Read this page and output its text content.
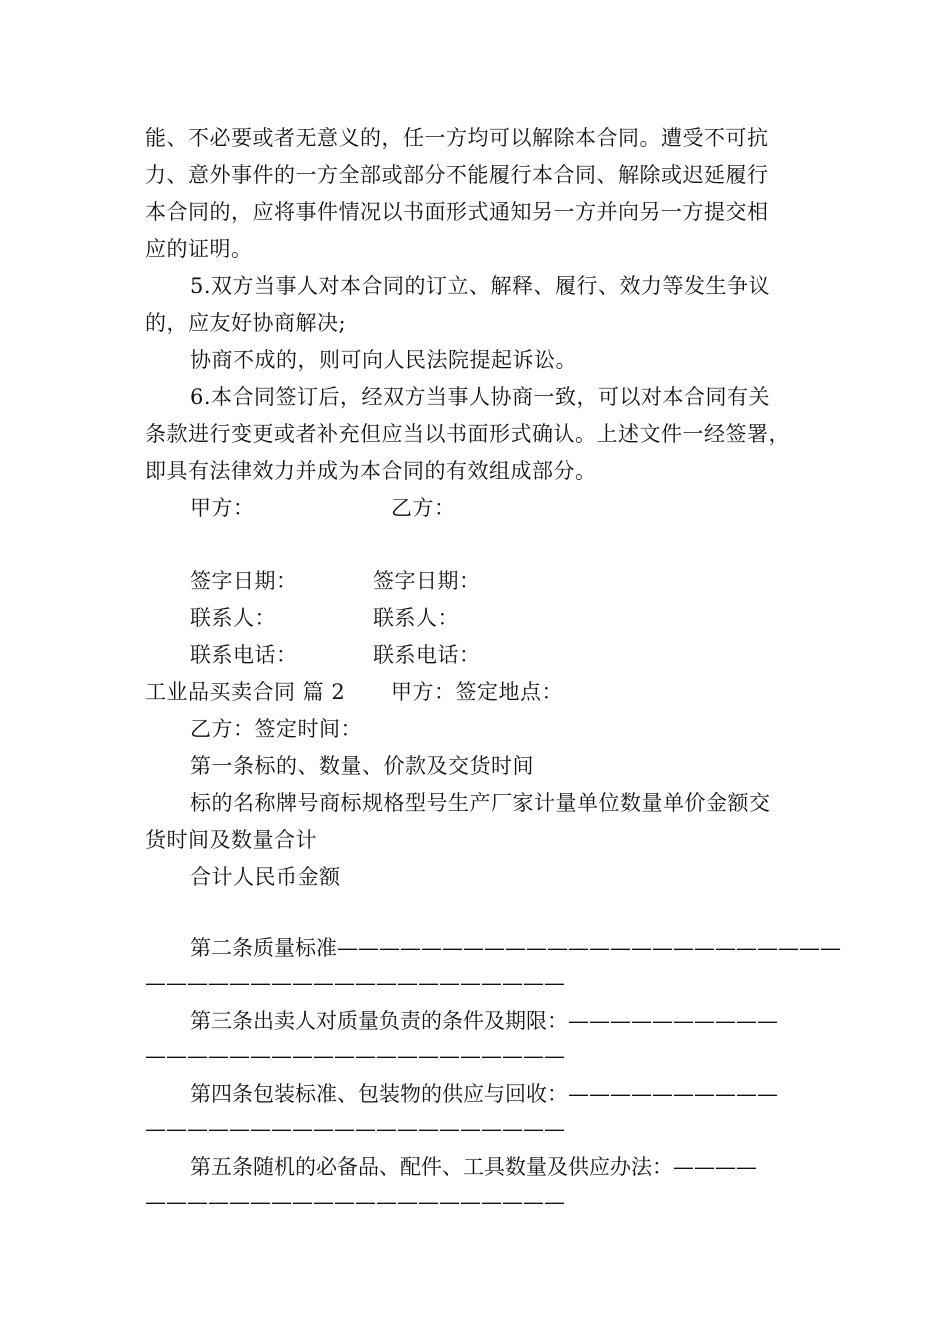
能、不必要或者无意义的，任一方均可以解除本合同。遭受不可抗
力、意外事件的一方全部或部分不能履行本合同、解除或迟延履行
本合同的，应将事件情况以书面形式通知另一方并向另一方提交相
应的证明。
5.双方当事人对本合同的订立、解释、履行、效力等发生争议
的，应友好协商解决;
协商不成的，则可向人民法院提起诉讼。
6.本合同签订后，经双方当事人协商一致，可以对本合同有关
条款进行变更或者补充但应当以书面形式确认。上述文件一经签署，
即具有法律效力并成为本合同的有效组成部分。
甲方：	乙方：
签字日期：	签字日期：
联系人：	联系人：
联系电话：	联系电话：
工业品买卖合同 篇 2 甲方：签定地点：
乙方：签定时间：
第一条标的、数量、价款及交货时间
标的名称牌号商标规格型号生产厂家计量单位数量单价金额交
货时间及数量合计
合计人民币金额
第二条质量标准————————————————————————
————————————————————
第三条出卖人对质量负责的条件及期限：——————————
————————————————————
第四条包装标准、包装物的供应与回收：——————————
————————————————————
第五条随机的必备品、配件、工具数量及供应办法：————
————————————————————
